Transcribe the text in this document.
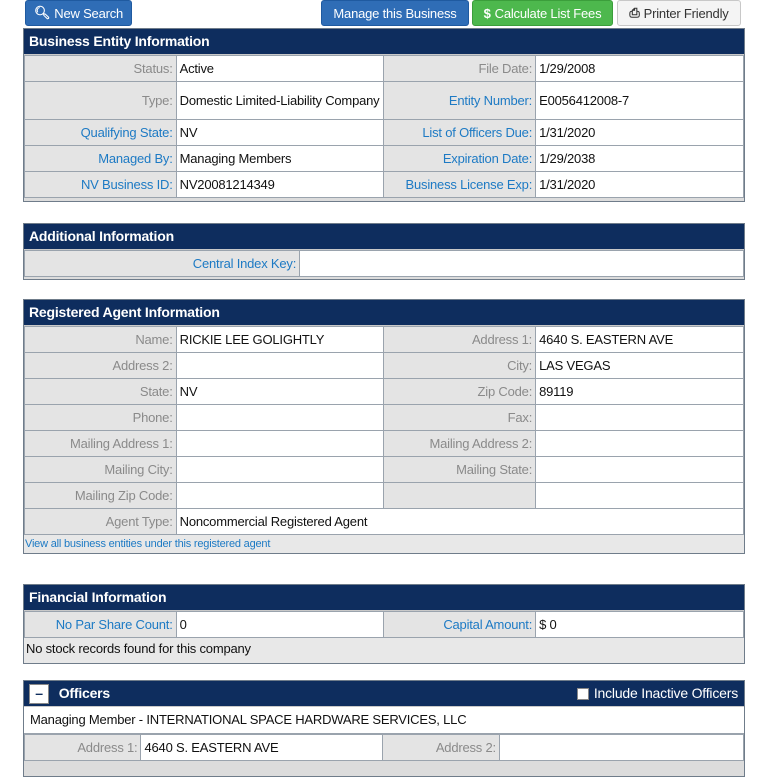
🔍︎ New Search	Manage this Business $ Calculate List Fees ⎙ Printer Friendly
Business Entity Information
Status:	Active	File Date:	1/29/2008
Type:	Domestic Limited-Liability Company	Entity Number:	E0056412008-7
Qualifying State:	NV	List of Officers Due:	1/31/2020
Managed By:	Managing Members	Expiration Date:	1/29/2038
NV Business ID:	NV20081214349	Business License Exp:	1/31/2020
Additional Information
Central Index Key:	
Registered Agent Information
Name:	RICKIE LEE GOLIGHTLY	Address 1:	4640 S. EASTERN AVE
Address 2:		City:	LAS VEGAS
State:	NV	Zip Code:	89119
Phone:		Fax:	
Mailing Address 1:		Mailing Address 2:	
Mailing City:		Mailing State:	
Mailing Zip Code:			
Agent Type:	Noncommercial Registered Agent		
View all business entities under this registered agent
Financial Information
No Par Share Count:	0	Capital Amount:	$ 0
No stock records found for this company
– Officers	Include Inactive Officers
Managing Member - INTERNATIONAL SPACE HARDWARE SERVICES, LLC
Address 1:	4640 S. EASTERN AVE	Address 2:	
